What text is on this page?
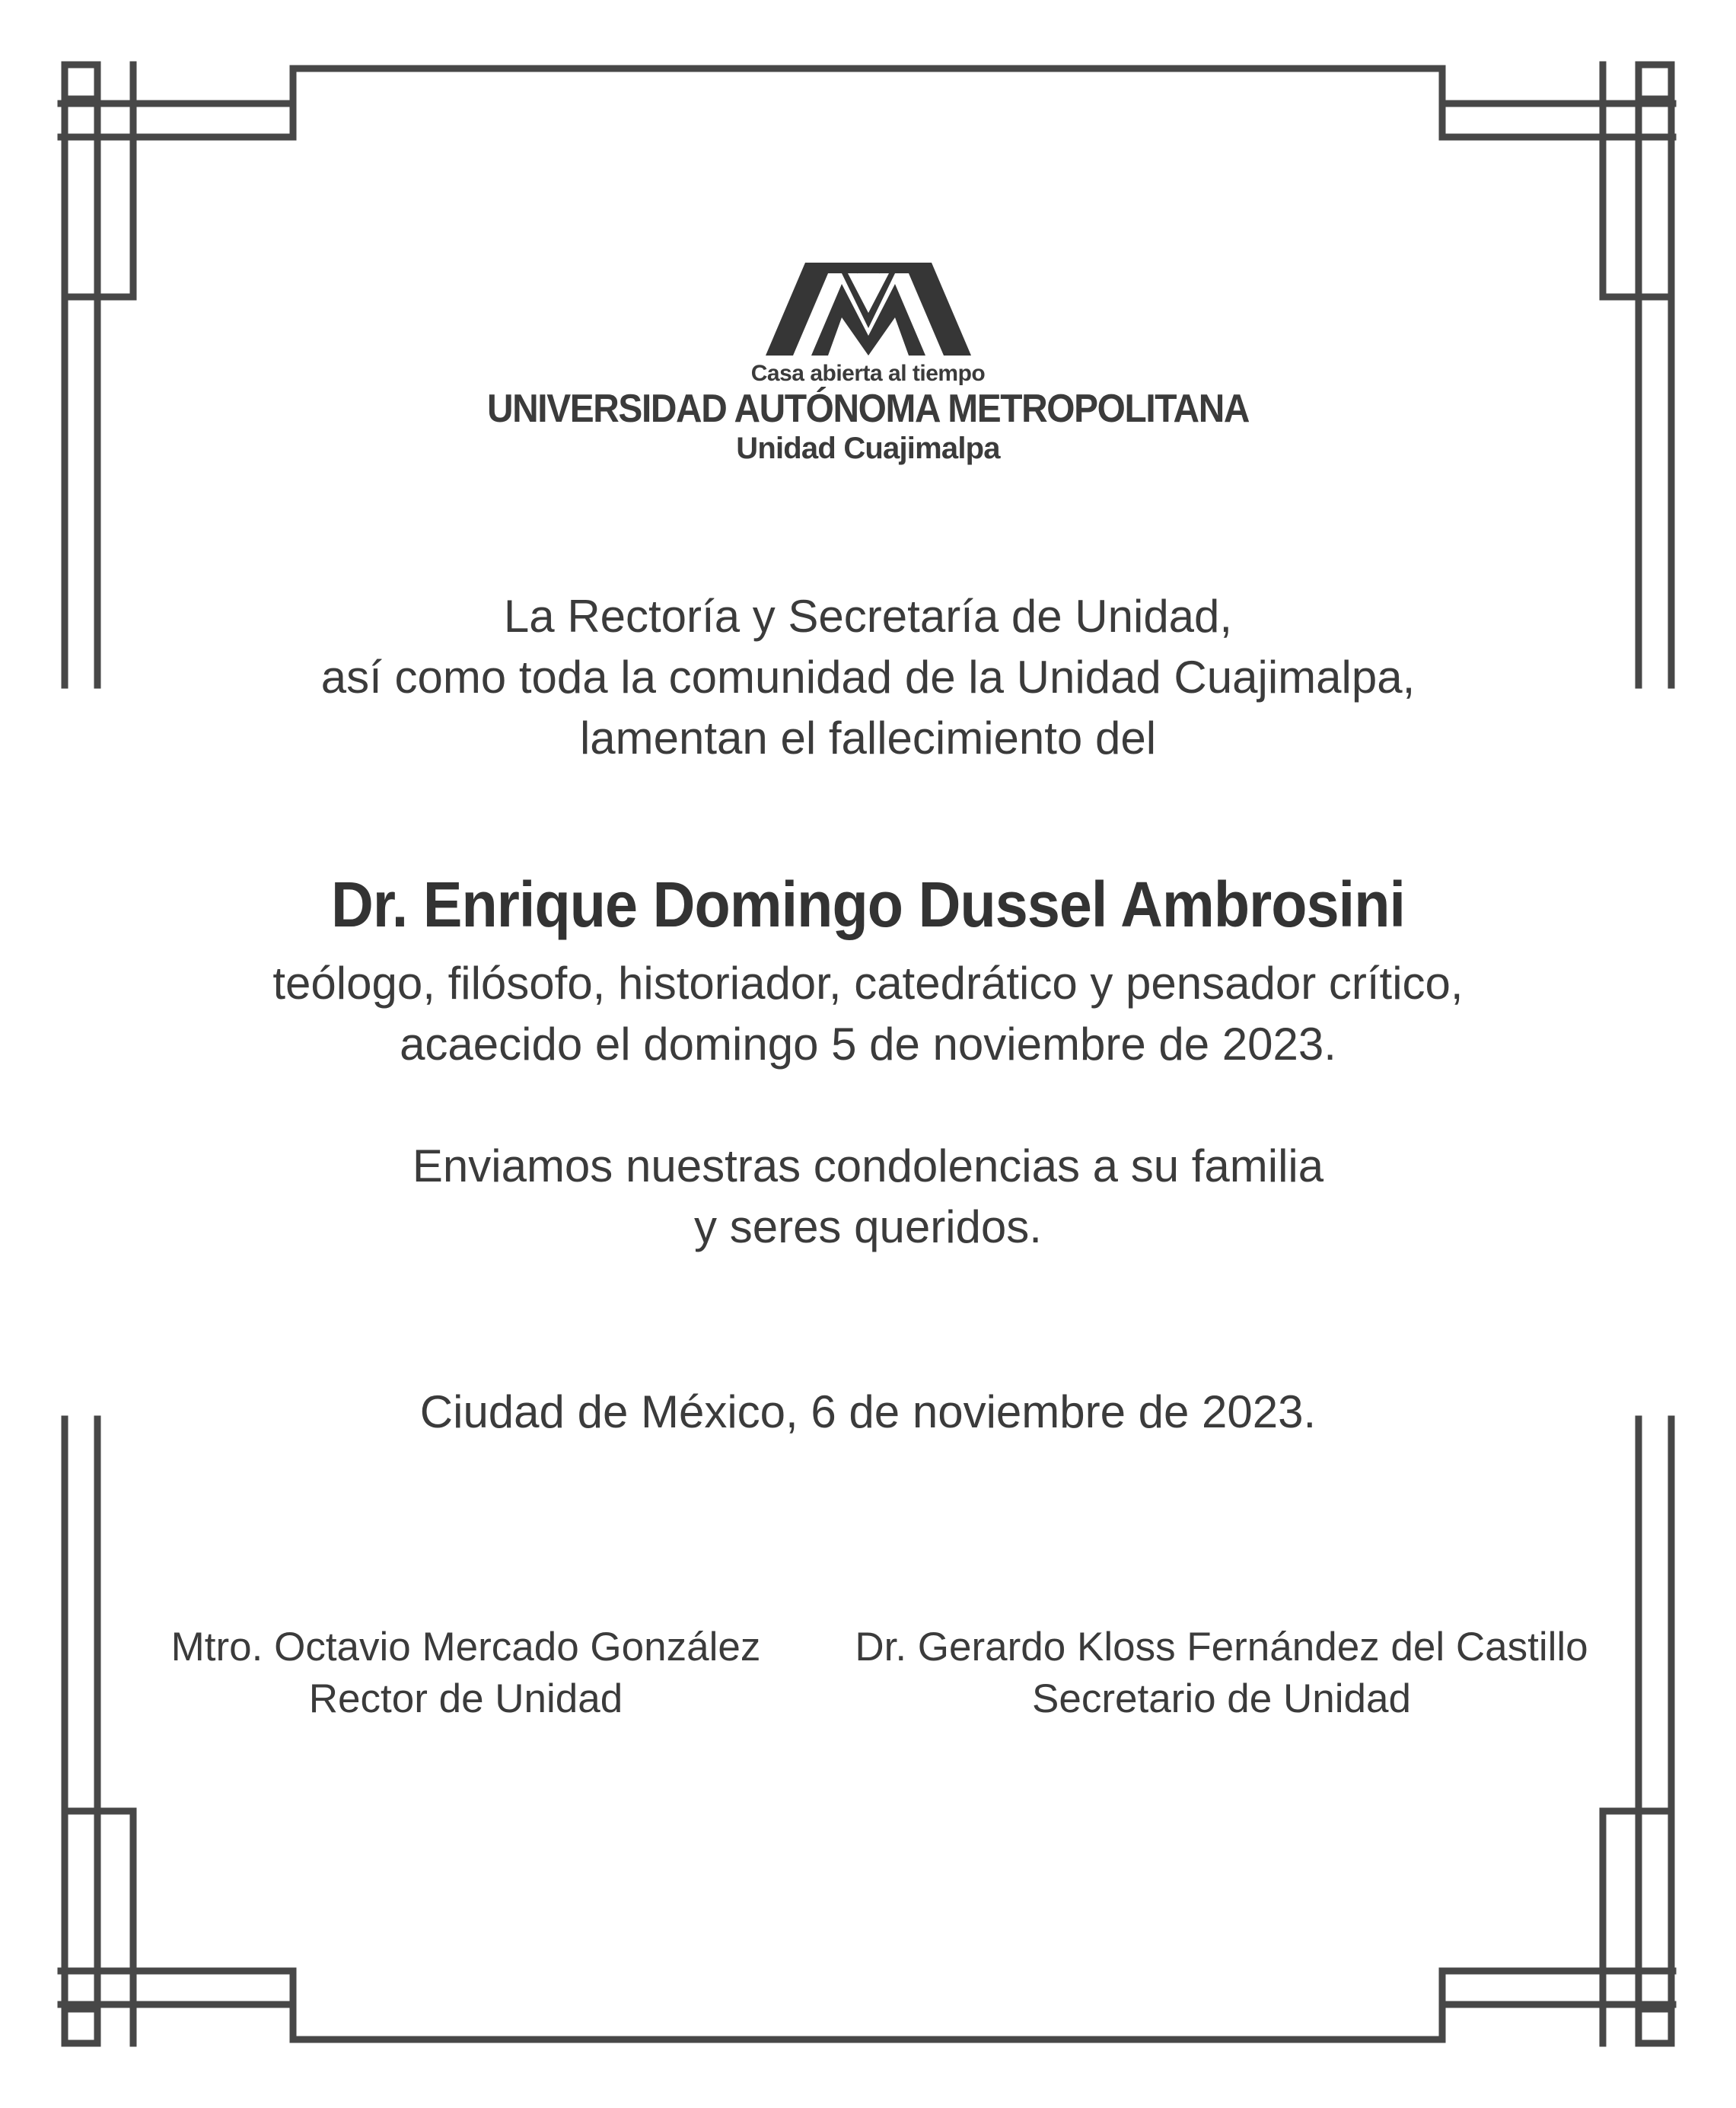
Casa abierta al tiempo
UNIVERSIDAD AUTÓNOMA METROPOLITANA
Unidad Cuajimalpa
La Rectoría y Secretaría de Unidad,
así como toda la comunidad de la Unidad Cuajimalpa,
lamentan el fallecimiento del
Dr. Enrique Domingo Dussel Ambrosini
teólogo, filósofo, historiador, catedrático y pensador crítico,
acaecido el domingo 5 de noviembre de 2023.
Enviamos nuestras condolencias a su familia
y seres queridos.
Ciudad de México, 6 de noviembre de 2023.
Mtro. Octavio Mercado González
Rector de Unidad
Dr. Gerardo Kloss Fernández del Castillo
Secretario de Unidad
